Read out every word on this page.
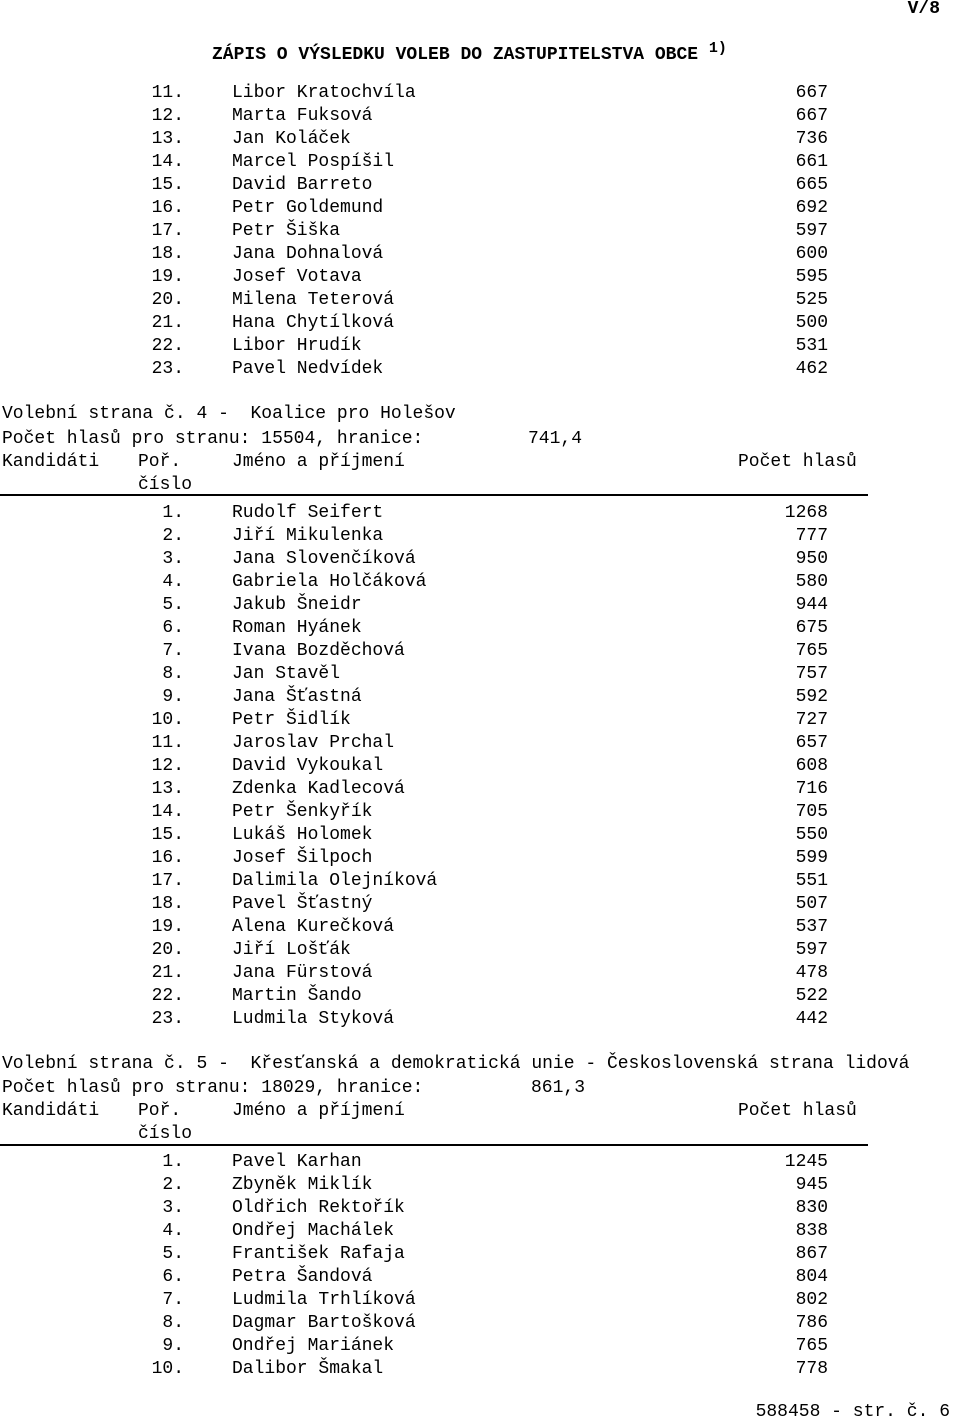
V/8
ZÁPIS O VÝSLEDKU VOLEB DO ZASTUPITELSTVA OBCE $^{1)}$
11.	Libor Kratochvíla	667
12.	Marta Fuksová	667
13.	Jan Koláček	736
14.	Marcel Pospíšil	661
15.	David Barreto	665
16.	Petr Goldemund	692
17.	Petr Šiška	597
18.	Jana Dohnalová	600
19.	Josef Votava	595
20.	Milena Teterová	525
21.	Hana Chytílková	500
22.	Libor Hrudík	531
23.	Pavel Nedvídek	462
Volební strana č. 4 -  Koalice pro Holešov
Počet hlasů pro stranu: 15504, hranice:	741,4
Kandidáti Poř.
číslo
Jméno a příjmení	Počet hlasů
1.	Rudolf Seifert	1268
2.	Jiří Mikulenka	777
3.	Jana Slovenčíková	950
4.	Gabriela Holčáková	580
5.	Jakub Šneidr	944
6.	Roman Hyánek	675
7.	Ivana Bozděchová	765
8.	Jan Stavěl	757
9.	Jana Šťastná	592
10.	Petr Šidlík	727
11.	Jaroslav Prchal	657
12.	David Vykoukal	608
13.	Zdenka Kadlecová	716
14.	Petr Šenkyřík	705
15.	Lukáš Holomek	550
16.	Josef Šilpoch	599
17.	Dalimila Olejníková	551
18.	Pavel Šťastný	507
19.	Alena Kurečková	537
20.	Jiří Lošťák	597
21.	Jana Fürstová	478
22.	Martin Šando	522
23.	Ludmila Styková	442
Volební strana č. 5 -  Křesťanská a demokratická unie - Československá strana lidová
Počet hlasů pro stranu: 18029, hranice:	861,3
Kandidáti Poř.
číslo
Jméno a příjmení	Počet hlasů
1.	Pavel Karhan	1245
2.	Zbyněk Miklík	945
3.	Oldřich Rektořík	830
4.	Ondřej Machálek	838
5.	František Rafaja	867
6.	Petra Šandová	804
7.	Ludmila Trhlíková	802
8.	Dagmar Bartošková	786
9.	Ondřej Mariánek	765
10.	Dalibor Šmakal	778
588458 - str. č. 6
